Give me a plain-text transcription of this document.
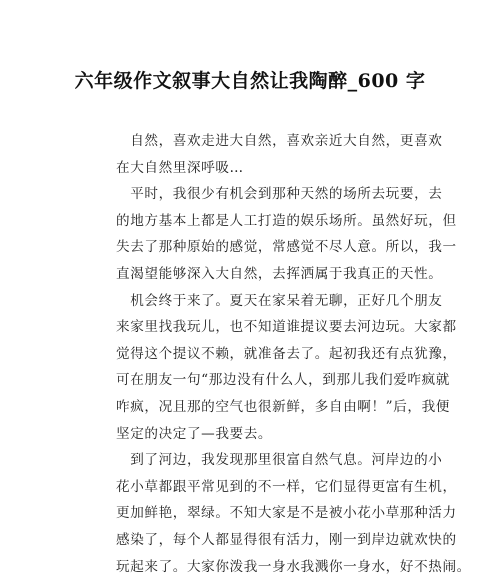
六年级作文叙事大自然让我陶醉_600 字
　自然，喜欢走进大自然，喜欢亲近大自然，更喜欢
在大自然里深呼吸…
　平时，我很少有机会到那种天然的场所去玩要，去
的地方基本上都是人工打造的娱乐场所。虽然好玩，但
失去了那种原始的感觉，常感觉不尽人意。所以，我一
直渴望能够深入大自然，去挥洒属于我真正的天性。
　机会终于来了。夏天在家呆着无聊，正好几个朋友
来家里找我玩儿，也不知道谁提议要去河边玩。大家都
觉得这个提议不赖，就准备去了。起初我还有点犹豫，
可在朋友一句“那边没有什么人，到那儿我们爱咋疯就
咋疯，况且那的空气也很新鲜，多自由啊！”后，我便
坚定的决定了—我要去。
　到了河边，我发现那里很富自然气息。河岸边的小
花小草都跟平常见到的不一样，它们显得更富有生机，
更加鲜艳，翠绿。不知大家是不是被小花小草那种活力
感染了，每个人都显得很有活力，刚一到岸边就欢快的
玩起来了。大家你泼我一身水我溅你一身水，好不热闹。
